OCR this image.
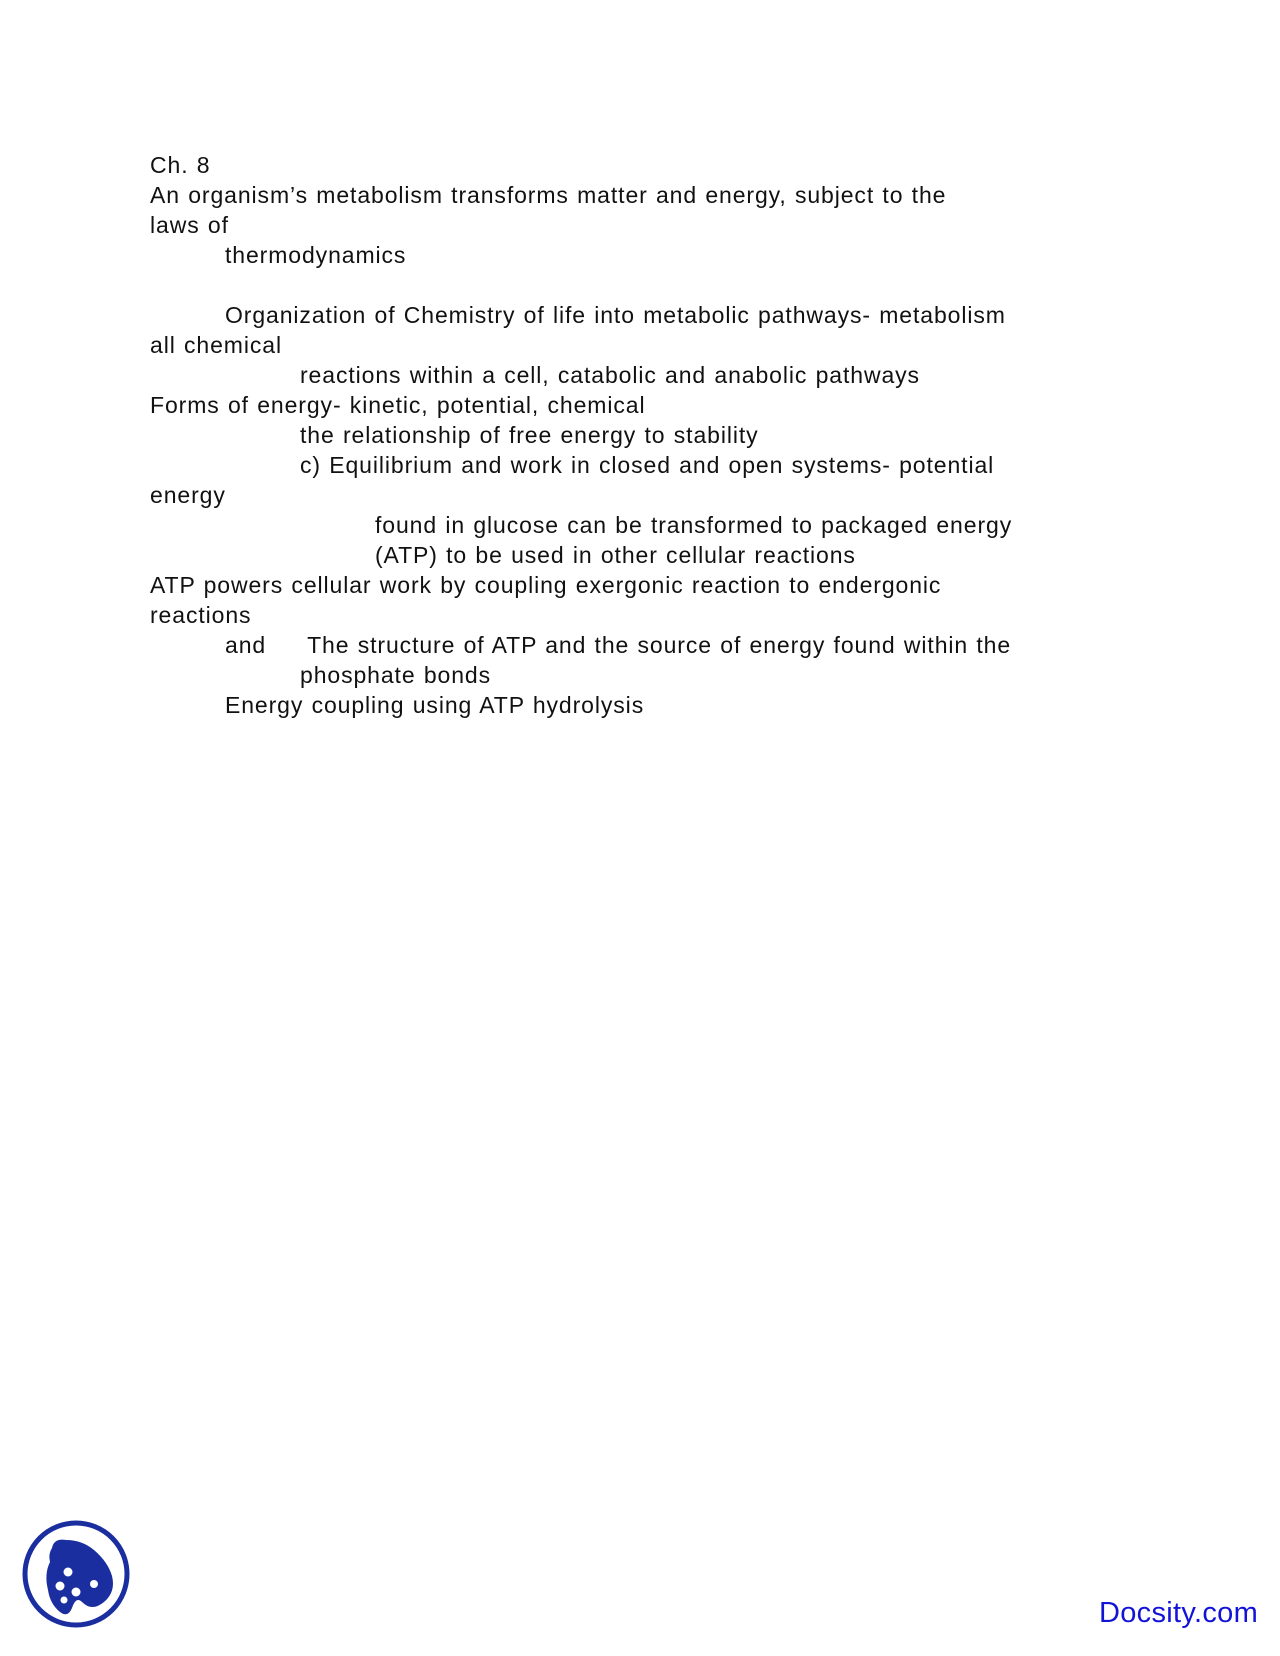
Ch. 8
An organism’s metabolism transforms matter and energy, subject to the
laws of
thermodynamics
Organization of Chemistry of life into metabolic pathways- metabolism
all chemical
reactions within a cell, catabolic and anabolic pathways
Forms of energy- kinetic, potential, chemical
the relationship of free energy to stability
c) Equilibrium and work in closed and open systems- potential
energy
found in glucose can be transformed to packaged energy
(ATP) to be used in other cellular reactions
ATP powers cellular work by coupling exergonic reaction to endergonic
reactions
and     The structure of ATP and the source of energy found within the
phosphate bonds
Energy coupling using ATP hydrolysis
Docsity.com
